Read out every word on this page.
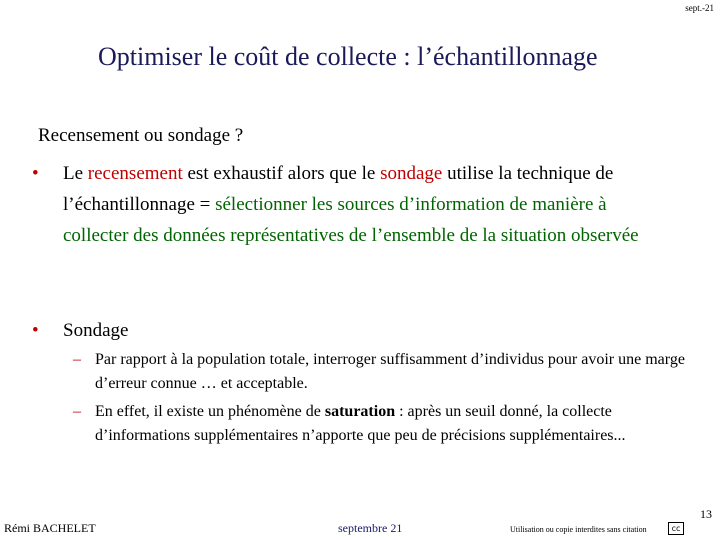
sept.-21
Optimiser le coût de collecte : l’échantillonnage
Recensement ou sondage ?
• Le recensement est exhaustif alors que le sondage utilise la technique de l’échantillonnage = sélectionner les sources d’information de manière à collecter des données représentatives de l’ensemble de la situation observée
• Sondage
– Par rapport à la population totale, interroger suffisamment d’individus pour avoir une marge d’erreur connue … et acceptable.
– En effet, il existe un phénomène de saturation : après un seuil donné, la collecte d’informations supplémentaires n’apporte que peu de précisions supplémentaires...
13
Rémi BACHELET	septembre 21	Utilisation ou copie interdites sans citation	cc
